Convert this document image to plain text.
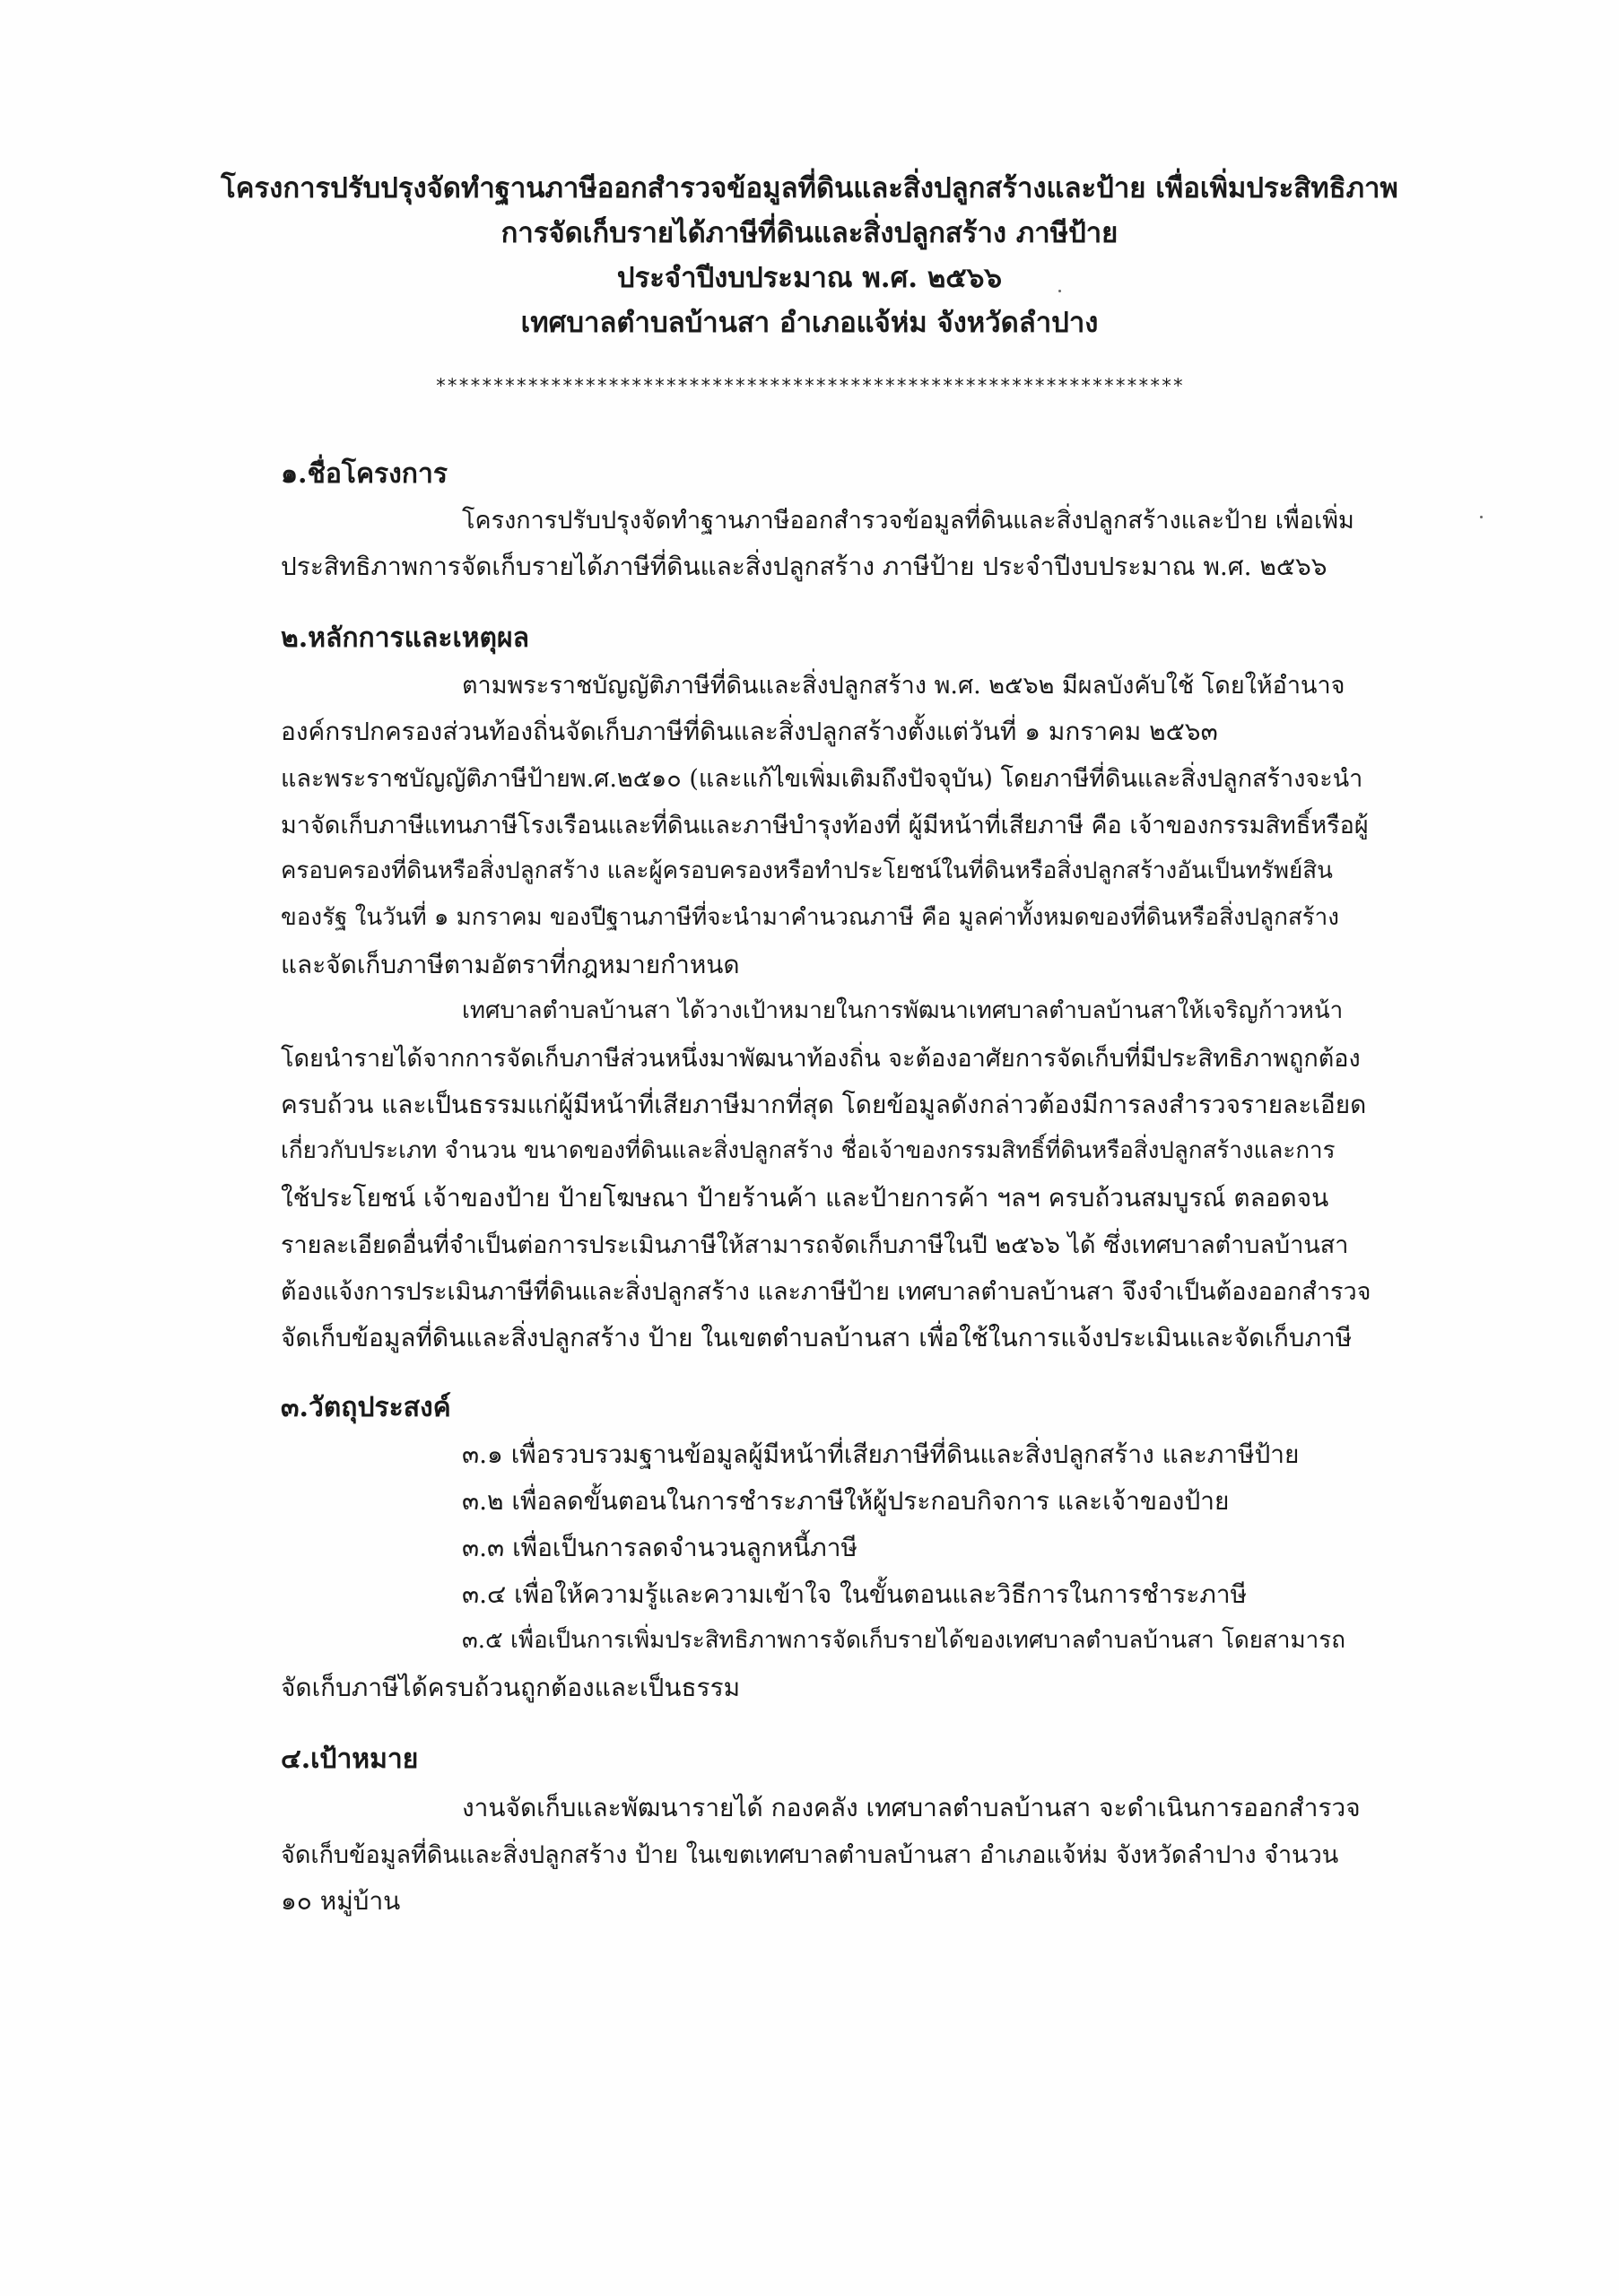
โครงการปรับปรุงจัดทำฐานภาษีออกสำรวจข้อมูลที่ดินและสิ่งปลูกสร้างและป้าย เพื่อเพิ่มประสิทธิภาพ
การจัดเก็บรายได้ภาษีที่ดินและสิ่งปลูกสร้าง ภาษีป้าย
ประจำปีงบประมาณ พ.ศ. ๒๕๖๖
เทศบาลตำบลบ้านสา อำเภอแจ้ห่ม จังหวัดลำปาง
*****************************************************************
๑.ชื่อโครงการ
โครงการปรับปรุงจัดทำฐานภาษีออกสำรวจข้อมูลที่ดินและสิ่งปลูกสร้างและป้าย เพื่อเพิ่ม
ประสิทธิภาพการจัดเก็บรายได้ภาษีที่ดินและสิ่งปลูกสร้าง ภาษีป้าย ประจำปีงบประมาณ พ.ศ. ๒๕๖๖
๒.หลักการและเหตุผล
ตามพระราชบัญญัติภาษีที่ดินและสิ่งปลูกสร้าง พ.ศ. ๒๕๖๒ มีผลบังคับใช้ โดยให้อำนาจ
องค์กรปกครองส่วนท้องถิ่นจัดเก็บภาษีที่ดินและสิ่งปลูกสร้างตั้งแต่วันที่ ๑ มกราคม ๒๕๖๓
และพระราชบัญญัติภาษีป้ายพ.ศ.๒๕๑๐ (และแก้ไขเพิ่มเติมถึงปัจจุบัน) โดยภาษีที่ดินและสิ่งปลูกสร้างจะนำ
มาจัดเก็บภาษีแทนภาษีโรงเรือนและที่ดินและภาษีบำรุงท้องที่ ผู้มีหน้าที่เสียภาษี คือ เจ้าของกรรมสิทธิ์หรือผู้
ครอบครองที่ดินหรือสิ่งปลูกสร้าง และผู้ครอบครองหรือทำประโยชน์ในที่ดินหรือสิ่งปลูกสร้างอันเป็นทรัพย์สิน
ของรัฐ ในวันที่ ๑ มกราคม ของปีฐานภาษีที่จะนำมาคำนวณภาษี คือ มูลค่าทั้งหมดของที่ดินหรือสิ่งปลูกสร้าง
และจัดเก็บภาษีตามอัตราที่กฎหมายกำหนด
เทศบาลตำบลบ้านสา ได้วางเป้าหมายในการพัฒนาเทศบาลตำบลบ้านสาให้เจริญก้าวหน้า
โดยนำรายได้จากการจัดเก็บภาษีส่วนหนึ่งมาพัฒนาท้องถิ่น จะต้องอาศัยการจัดเก็บที่มีประสิทธิภาพถูกต้อง
ครบถ้วน และเป็นธรรมแก่ผู้มีหน้าที่เสียภาษีมากที่สุด โดยข้อมูลดังกล่าวต้องมีการลงสำรวจรายละเอียด
เกี่ยวกับประเภท จำนวน ขนาดของที่ดินและสิ่งปลูกสร้าง ชื่อเจ้าของกรรมสิทธิ์ที่ดินหรือสิ่งปลูกสร้างและการ
ใช้ประโยชน์ เจ้าของป้าย ป้ายโฆษณา ป้ายร้านค้า และป้ายการค้า ฯลฯ ครบถ้วนสมบูรณ์ ตลอดจน
รายละเอียดอื่นที่จำเป็นต่อการประเมินภาษีให้สามารถจัดเก็บภาษีในปี ๒๕๖๖ ได้ ซึ่งเทศบาลตำบลบ้านสา
ต้องแจ้งการประเมินภาษีที่ดินและสิ่งปลูกสร้าง และภาษีป้าย เทศบาลตำบลบ้านสา จึงจำเป็นต้องออกสำรวจ
จัดเก็บข้อมูลที่ดินและสิ่งปลูกสร้าง ป้าย ในเขตตำบลบ้านสา เพื่อใช้ในการแจ้งประเมินและจัดเก็บภาษี
๓.วัตถุประสงค์
๓.๑ เพื่อรวบรวมฐานข้อมูลผู้มีหน้าที่เสียภาษีที่ดินและสิ่งปลูกสร้าง และภาษีป้าย
๓.๒ เพื่อลดขั้นตอนในการชำระภาษีให้ผู้ประกอบกิจการ และเจ้าของป้าย
๓.๓ เพื่อเป็นการลดจำนวนลูกหนี้ภาษี
๓.๔ เพื่อให้ความรู้และความเข้าใจ ในขั้นตอนและวิธีการในการชำระภาษี
๓.๕ เพื่อเป็นการเพิ่มประสิทธิภาพการจัดเก็บรายได้ของเทศบาลตำบลบ้านสา โดยสามารถ
จัดเก็บภาษีได้ครบถ้วนถูกต้องและเป็นธรรม
๔.เป้าหมาย
งานจัดเก็บและพัฒนารายได้ กองคลัง เทศบาลตำบลบ้านสา จะดำเนินการออกสำรวจ
จัดเก็บข้อมูลที่ดินและสิ่งปลูกสร้าง ป้าย ในเขตเทศบาลตำบลบ้านสา อำเภอแจ้ห่ม จังหวัดลำปาง จำนวน
๑๐ หมู่บ้าน
